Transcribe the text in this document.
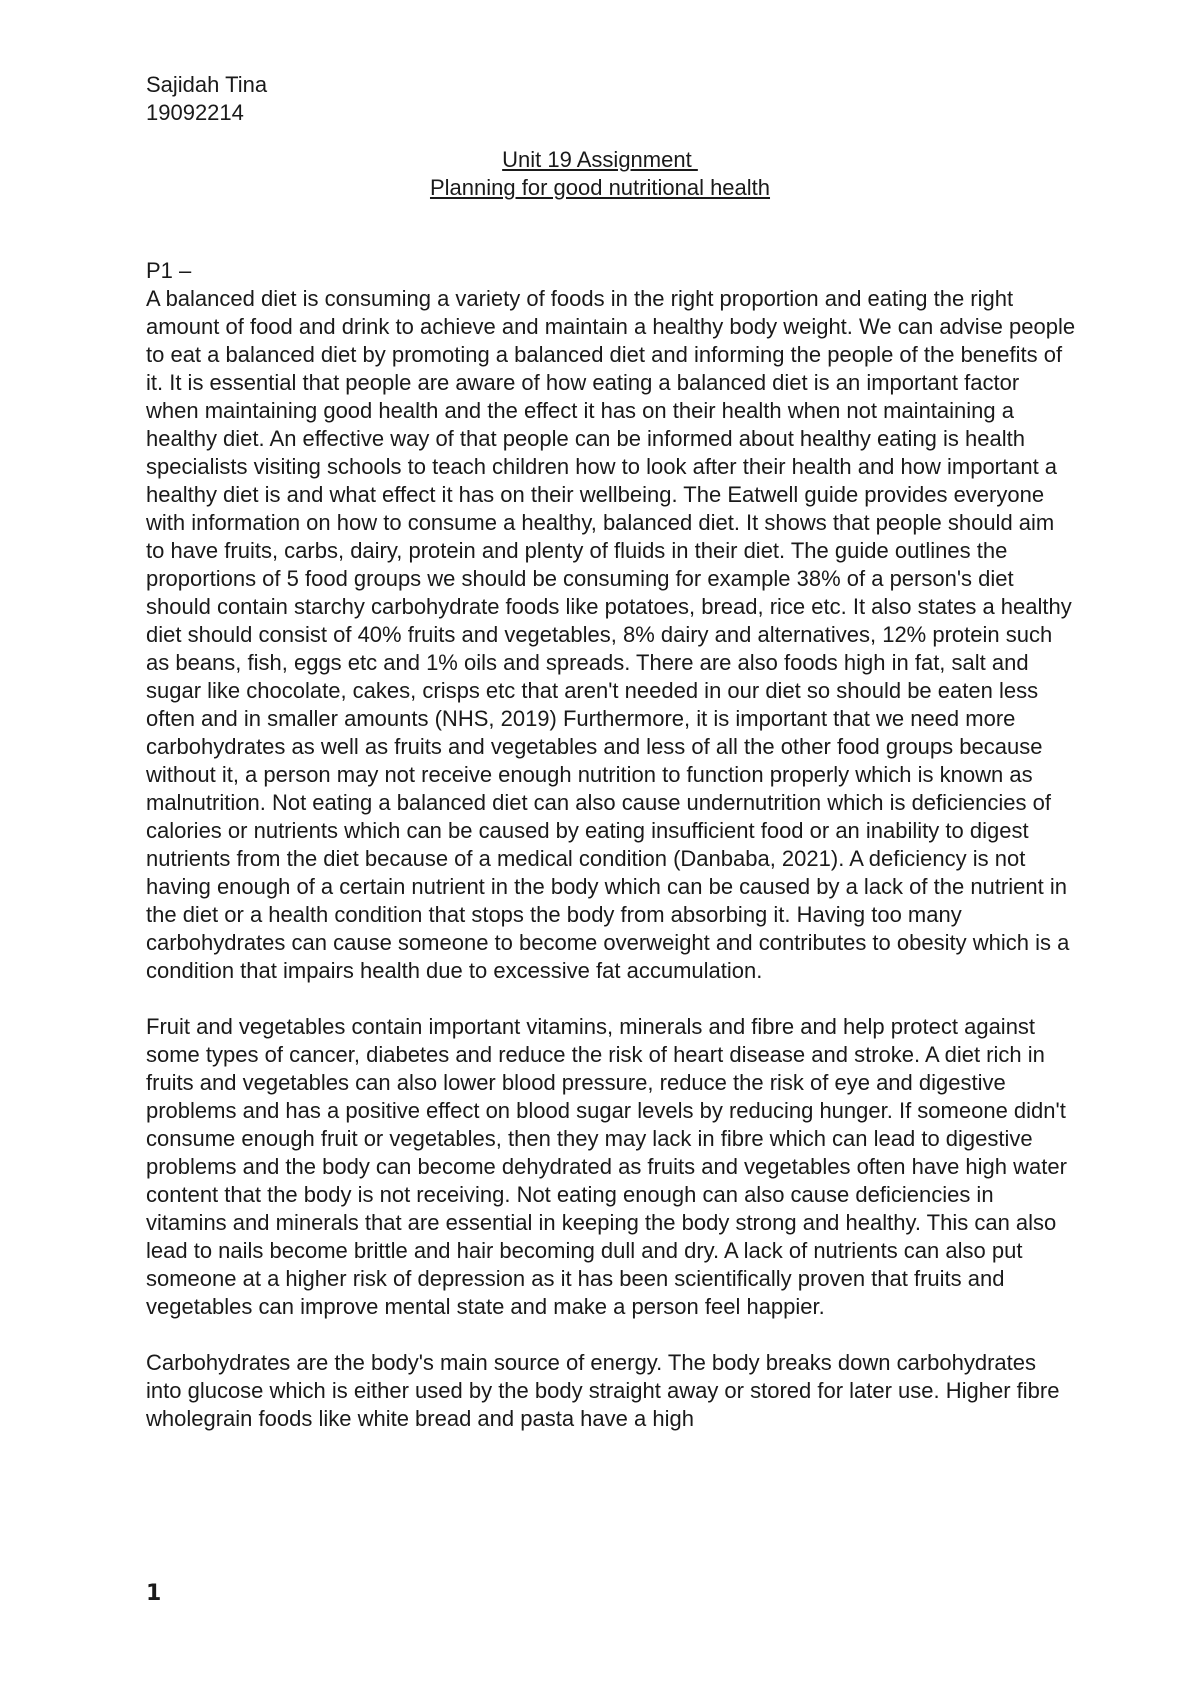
Sajidah Tina
19092214
Unit 19 Assignment
Planning for good nutritional health
P1 –

A balanced diet is consuming a variety of foods in the right proportion and eating the right amount of food and drink to achieve and maintain a healthy body weight. We can advise people to eat a balanced diet by promoting a balanced diet and informing the people of the benefits of it. It is essential that people are aware of how eating a balanced diet is an important factor when maintaining good health and the effect it has on their health when not maintaining a healthy diet. An effective way of that people can be informed about healthy eating is health specialists visiting schools to teach children how to look after their health and how important a healthy diet is and what effect it has on their wellbeing. The Eatwell guide provides everyone with information on how to consume a healthy, balanced diet. It shows that people should aim to have fruits, carbs, dairy, protein and plenty of fluids in their diet. The guide outlines the proportions of 5 food groups we should be consuming for example 38% of a person's diet should contain starchy carbohydrate foods like potatoes, bread, rice etc. It also states a healthy diet should consist of 40% fruits and vegetables, 8% dairy and alternatives, 12% protein such as beans, fish, eggs etc and 1% oils and spreads. There are also foods high in fat, salt and sugar like chocolate, cakes, crisps etc that aren't needed in our diet so should be eaten less often and in smaller amounts (NHS, 2019) Furthermore, it is important that we need more carbohydrates as well as fruits and vegetables and less of all the other food groups because without it, a person may not receive enough nutrition to function properly which is known as malnutrition. Not eating a balanced diet can also cause undernutrition which is deficiencies of calories or nutrients which can be caused by eating insufficient food or an inability to digest nutrients from the diet because of a medical condition (Danbaba, 2021). A deficiency is not having enough of a certain nutrient in the body which can be caused by a lack of the nutrient in the diet or a health condition that stops the body from absorbing it. Having too many carbohydrates can cause someone to become overweight and contributes to obesity which is a condition that impairs health due to excessive fat accumulation.

Fruit and vegetables contain important vitamins, minerals and fibre and help protect against some types of cancer, diabetes and reduce the risk of heart disease and stroke. A diet rich in fruits and vegetables can also lower blood pressure, reduce the risk of eye and digestive problems and has a positive effect on blood sugar levels by reducing hunger. If someone didn't consume enough fruit or vegetables, then they may lack in fibre which can lead to digestive problems and the body can become dehydrated as fruits and vegetables often have high water content that the body is not receiving. Not eating enough can also cause deficiencies in vitamins and minerals that are essential in keeping the body strong and healthy. This can also lead to nails become brittle and hair becoming dull and dry. A lack of nutrients can also put someone at a higher risk of depression as it has been scientifically proven that fruits and vegetables can improve mental state and make a person feel happier.

Carbohydrates are the body's main source of energy. The body breaks down carbohydrates into glucose which is either used by the body straight away or stored for later use. Higher fibre wholegrain foods like white bread and pasta have a high

1
